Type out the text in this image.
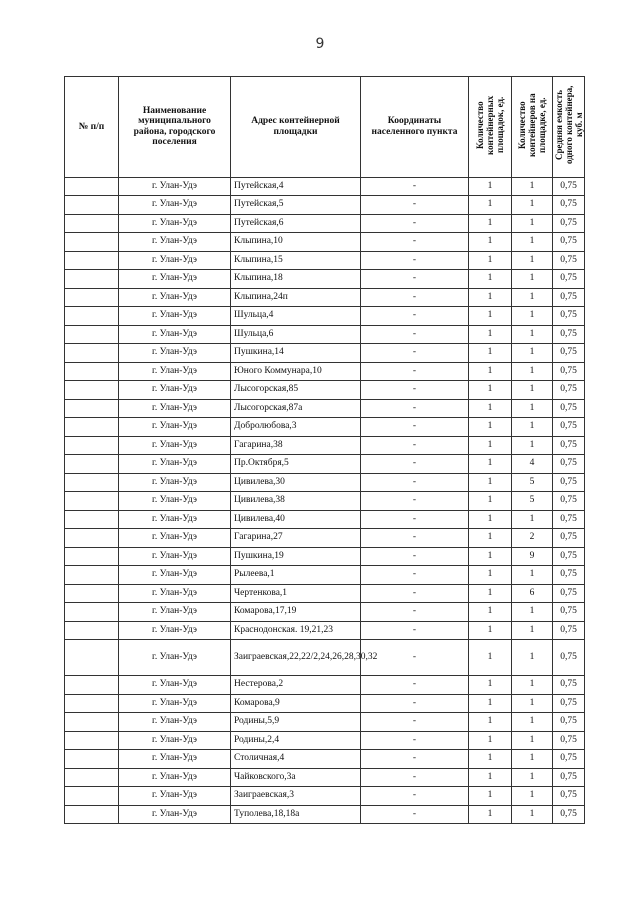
9
№ п/п	Наименование муниципального района, городского поселения	Адрес контейнерной площадки	Координаты населенного пункта	Количество контейнерных площадок, ед.	Количество контейнеров на площадке, ед.	Средняя емкость одного контейнера, куб. м
	г. Улан-Удэ	Путейская,4	-	1	1	0,75
	г. Улан-Удэ	Путейская,5	-	1	1	0,75
	г. Улан-Удэ	Путейская,6	-	1	1	0,75
	г. Улан-Удэ	Клыпина,10	-	1	1	0,75
	г. Улан-Удэ	Клыпина,15	-	1	1	0,75
	г. Улан-Удэ	Клыпина,18	-	1	1	0,75
	г. Улан-Удэ	Клыпина,24п	-	1	1	0,75
	г. Улан-Удэ	Шульца,4	-	1	1	0,75
	г. Улан-Удэ	Шульца,6	-	1	1	0,75
	г. Улан-Удэ	Пушкина,14	-	1	1	0,75
	г. Улан-Удэ	Юного Коммунара,10	-	1	1	0,75
	г. Улан-Удэ	Лысогорская,85	-	1	1	0,75
	г. Улан-Удэ	Лысогорская,87а	-	1	1	0,75
	г. Улан-Удэ	Добролюбова,3	-	1	1	0,75
	г. Улан-Удэ	Гагарина,38	-	1	1	0,75
	г. Улан-Удэ	Пр.Октября,5	-	1	4	0,75
	г. Улан-Удэ	Цивилева,30	-	1	5	0,75
	г. Улан-Удэ	Цивилева,38	-	1	5	0,75
	г. Улан-Удэ	Цивилева,40	-	1	1	0,75
	г. Улан-Удэ	Гагарина,27	-	1	2	0,75
	г. Улан-Удэ	Пушкина,19	-	1	9	0,75
	г. Улан-Удэ	Рылеева,1	-	1	1	0,75
	г. Улан-Удэ	Чертенкова,1	-	1	6	0,75
	г. Улан-Удэ	Комарова,17,19	-	1	1	0,75
	г. Улан-Удэ	Краснодонская. 19,21,23	-	1	1	0,75
	г. Улан-Удэ	Заиграевская,22,22/2,24,26,28,30,32	-	1	1	0,75
	г. Улан-Удэ	Нестерова,2	-	1	1	0,75
	г. Улан-Удэ	Комарова,9	-	1	1	0,75
	г. Улан-Удэ	Родины,5,9	-	1	1	0,75
	г. Улан-Удэ	Родины,2,4	-	1	1	0,75
	г. Улан-Удэ	Столичная,4	-	1	1	0,75
	г. Улан-Удэ	Чайковского,3а	-	1	1	0,75
	г. Улан-Удэ	Заиграевская,3	-	1	1	0,75
	г. Улан-Удэ	Туполева,18,18а	-	1	1	0,75
